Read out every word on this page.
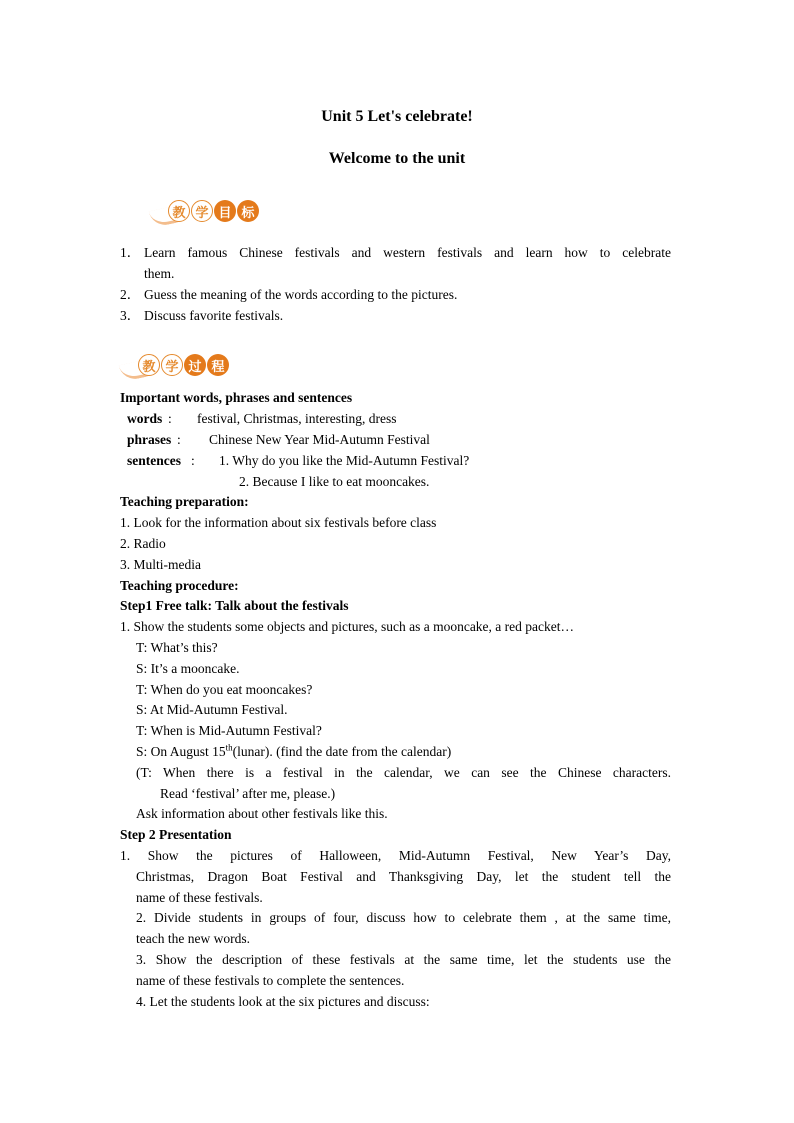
Unit 5 Let's celebrate!
Welcome to the unit
教 学 目 标
1． Learn famous Chinese festivals and western festivals and learn how to celebrate
them.
2． Guess the meaning of the words according to the pictures.
3． Discuss favorite festivals.
教 学 过 程
Important words, phrases and sentences
words : festival, Christmas, interesting, dress
phrases : Chinese New Year Mid-Autumn Festival
sentences : 1. Why do you like the Mid-Autumn Festival?
2. Because I like to eat mooncakes.
Teaching preparation:
1. Look for the information about six festivals before class
2. Radio
3. Multi-media
Teaching procedure:
Step1 Free talk: Talk about the festivals
1. Show the students some objects and pictures, such as a mooncake, a red packet…
T: What’s this?
S: It’s a mooncake.
T: When do you eat mooncakes?
S: At Mid-Autumn Festival.
T: When is Mid-Autumn Festival?
S: On August 15th(lunar). (find the date from the calendar)
(T: When there is a festival in the calendar, we can see the Chinese characters.
Read ‘festival’ after me, please.)
Ask information about other festivals like this.
Step 2 Presentation
1. Show the pictures of Halloween, Mid-Autumn Festival, New Year’s Day,
Christmas, Dragon Boat Festival and Thanksgiving Day, let the student tell the
name of these festivals.
2. Divide students in groups of four, discuss how to celebrate them , at the same time,
teach the new words.
3. Show the description of these festivals at the same time, let the students use the
name of these festivals to complete the sentences.
4. Let the students look at the six pictures and discuss:
